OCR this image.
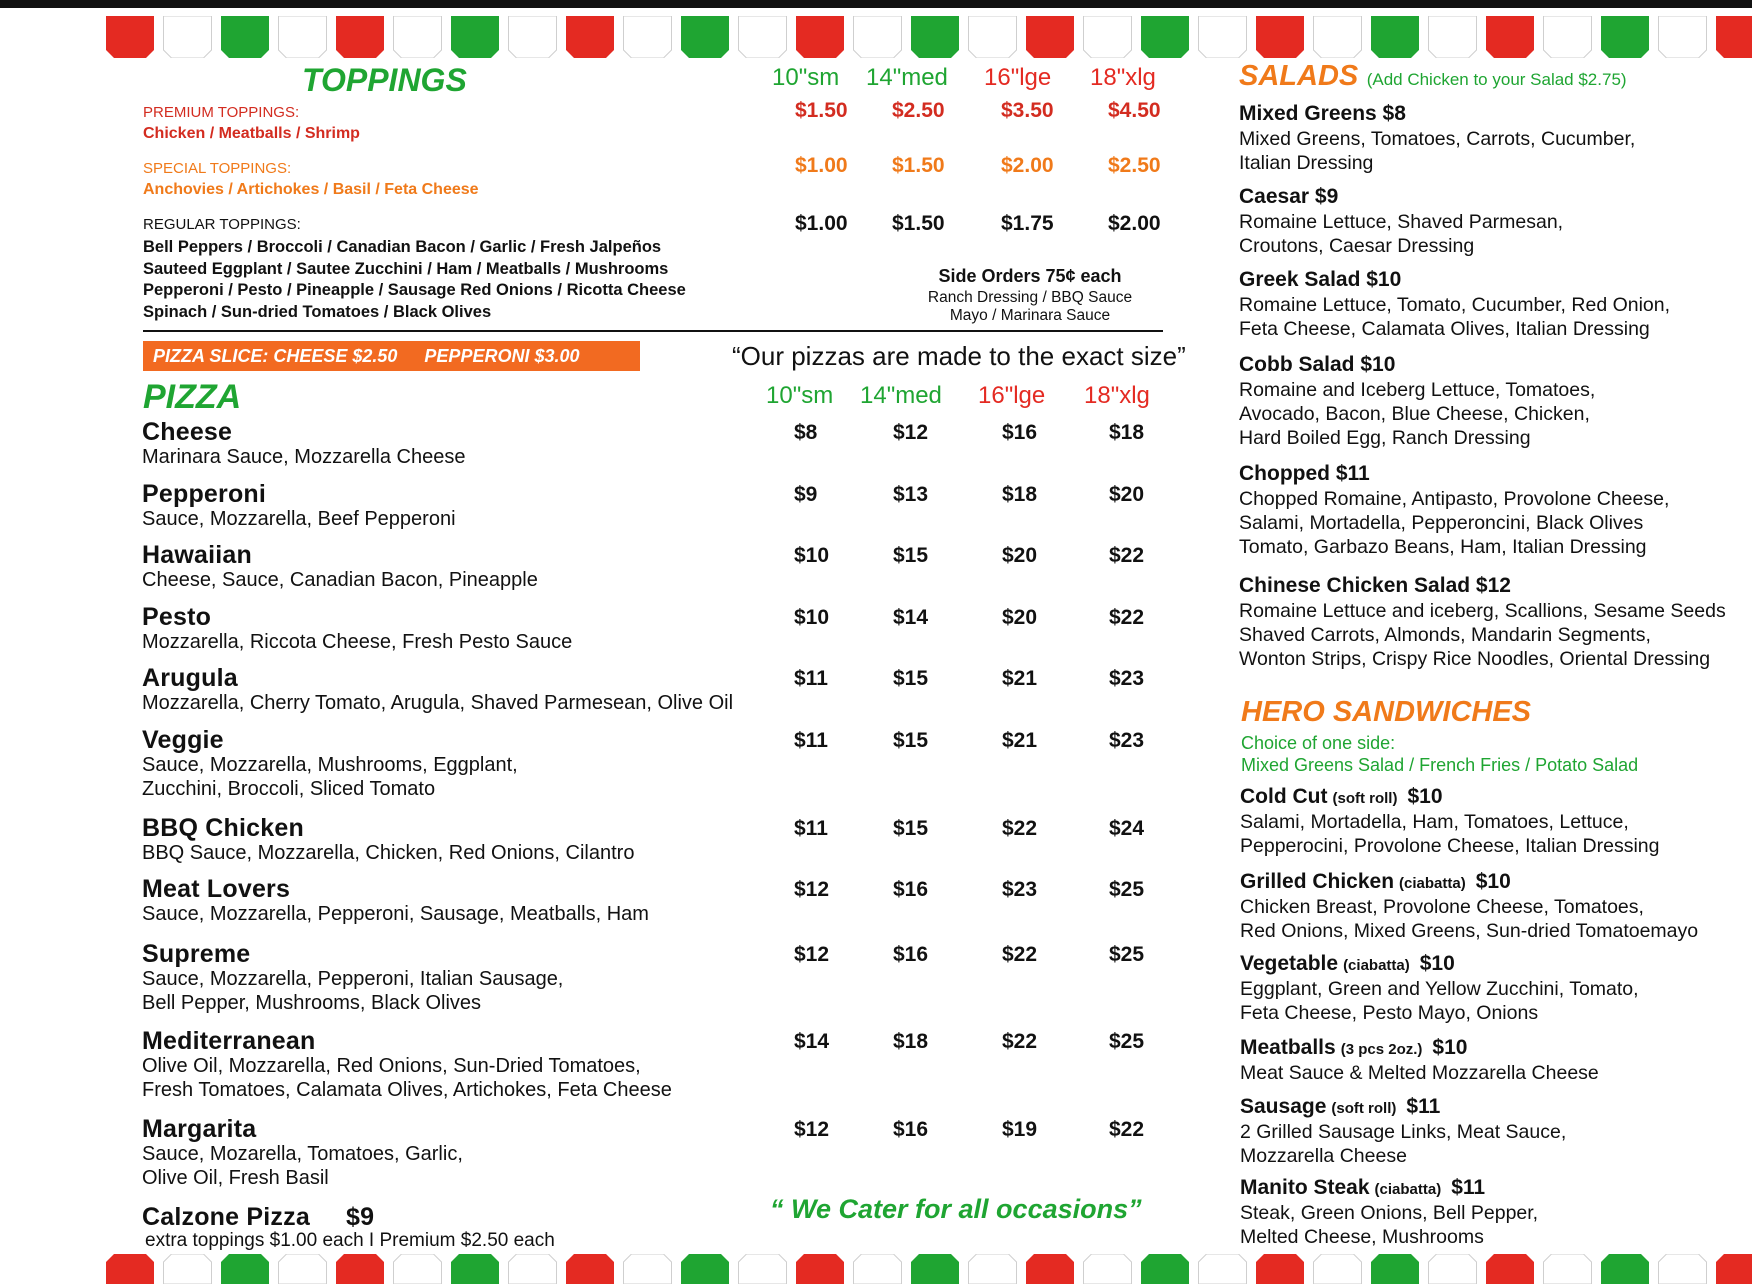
TOPPINGS	10"sm 14"med 16"lge 18"xlg
PREMIUM TOPPINGS:
Chicken / Meatballs / Shrimp
$1.50 $2.50	$3.50	$4.50
SPECIAL TOPPINGS:
Anchovies / Artichokes / Basil / Feta Cheese
$1.00 $1.50	$2.00	$2.50
REGULAR TOPPINGS:
Bell Peppers / Broccoli / Canadian Bacon / Garlic / Fresh Jalpeños
Sauteed Eggplant / Sautee Zucchini / Ham / Meatballs / Mushrooms
Pepperoni / Pesto / Pineapple / Sausage Red Onions / Ricotta Cheese
Spinach / Sun-dried Tomatoes / Black Olives
$1.00 $1.50	$1.75	$2.00
Side Orders 75¢ each
Ranch Dressing / BBQ Sauce
Mayo / Marinara Sauce
PIZZA SLICE: CHEESE $2.50 PEPPERONI $3.00	“Our pizzas are made to the exact size”
PIZZA	10"sm 14"med 16"lge 18"xlg
Cheese
Marinara Sauce, Mozzarella Cheese
$8	$12	$16	$18
Pepperoni
Sauce, Mozzarella, Beef Pepperoni
$9	$13	$18	$20
Hawaiian
Cheese, Sauce, Canadian Bacon, Pineapple
$10	$15	$20	$22
Pesto
Mozzarella, Riccota Cheese, Fresh Pesto Sauce
$10	$14	$20	$22
Arugula
Mozzarella, Cherry Tomato, Arugula, Shaved Parmesean, Olive Oil
$11	$15	$21	$23
Veggie
Sauce, Mozzarella, Mushrooms, Eggplant,
Zucchini, Broccoli, Sliced Tomato
$11	$15	$21	$23
BBQ Chicken
BBQ Sauce, Mozzarella, Chicken, Red Onions, Cilantro
$11	$15	$22	$24
Meat Lovers
Sauce, Mozzarella, Pepperoni, Sausage, Meatballs, Ham
$12	$16	$23	$25
Supreme
Sauce, Mozzarella, Pepperoni, Italian Sausage,
Bell Pepper, Mushrooms, Black Olives
$12	$16	$22	$25
Mediterranean
Olive Oil, Mozzarella, Red Onions, Sun-Dried Tomatoes,
Fresh Tomatoes, Calamata Olives, Artichokes, Feta Cheese
$14	$18	$22	$25
Margarita
Sauce, Mozarella, Tomatoes, Garlic,
Olive Oil, Fresh Basil
$12	$16	$19	$22
Calzone Pizza $9
extra toppings $1.00 each I Premium $2.50 each
“ We Cater for all occasions”
SALADS (Add Chicken to your Salad $2.75)
Mixed Greens $8
Mixed Greens, Tomatoes, Carrots, Cucumber,
Italian Dressing
Caesar $9
Romaine Lettuce, Shaved Parmesan,
Croutons, Caesar Dressing
Greek Salad $10
Romaine Lettuce, Tomato, Cucumber, Red Onion,
Feta Cheese, Calamata Olives, Italian Dressing
Cobb Salad $10
Romaine and Iceberg Lettuce, Tomatoes,
Avocado, Bacon, Blue Cheese, Chicken,
Hard Boiled Egg, Ranch Dressing
Chopped $11
Chopped Romaine, Antipasto, Provolone Cheese,
Salami, Mortadella, Pepperoncini, Black Olives
Tomato, Garbazo Beans, Ham, Italian Dressing
Chinese Chicken Salad $12
Romaine Lettuce and iceberg, Scallions, Sesame Seeds
Shaved Carrots, Almonds, Mandarin Segments,
Wonton Strips, Crispy Rice Noodles, Oriental Dressing
HERO SANDWICHES
Choice of one side:
Mixed Greens Salad / French Fries / Potato Salad
Cold Cut (soft roll) $10
Salami, Mortadella, Ham, Tomatoes, Lettuce,
Pepperocini, Provolone Cheese, Italian Dressing
Grilled Chicken (ciabatta) $10
Chicken Breast, Provolone Cheese, Tomatoes,
Red Onions, Mixed Greens, Sun-dried Tomatoemayo
Vegetable (ciabatta) $10
Eggplant, Green and Yellow Zucchini, Tomato,
Feta Cheese, Pesto Mayo, Onions
Meatballs (3 pcs 2oz.) $10
Meat Sauce & Melted Mozzarella Cheese
Sausage (soft roll) $11
2 Grilled Sausage Links, Meat Sauce,
Mozzarella Cheese
Manito Steak (ciabatta) $11
Steak, Green Onions, Bell Pepper,
Melted Cheese, Mushrooms
